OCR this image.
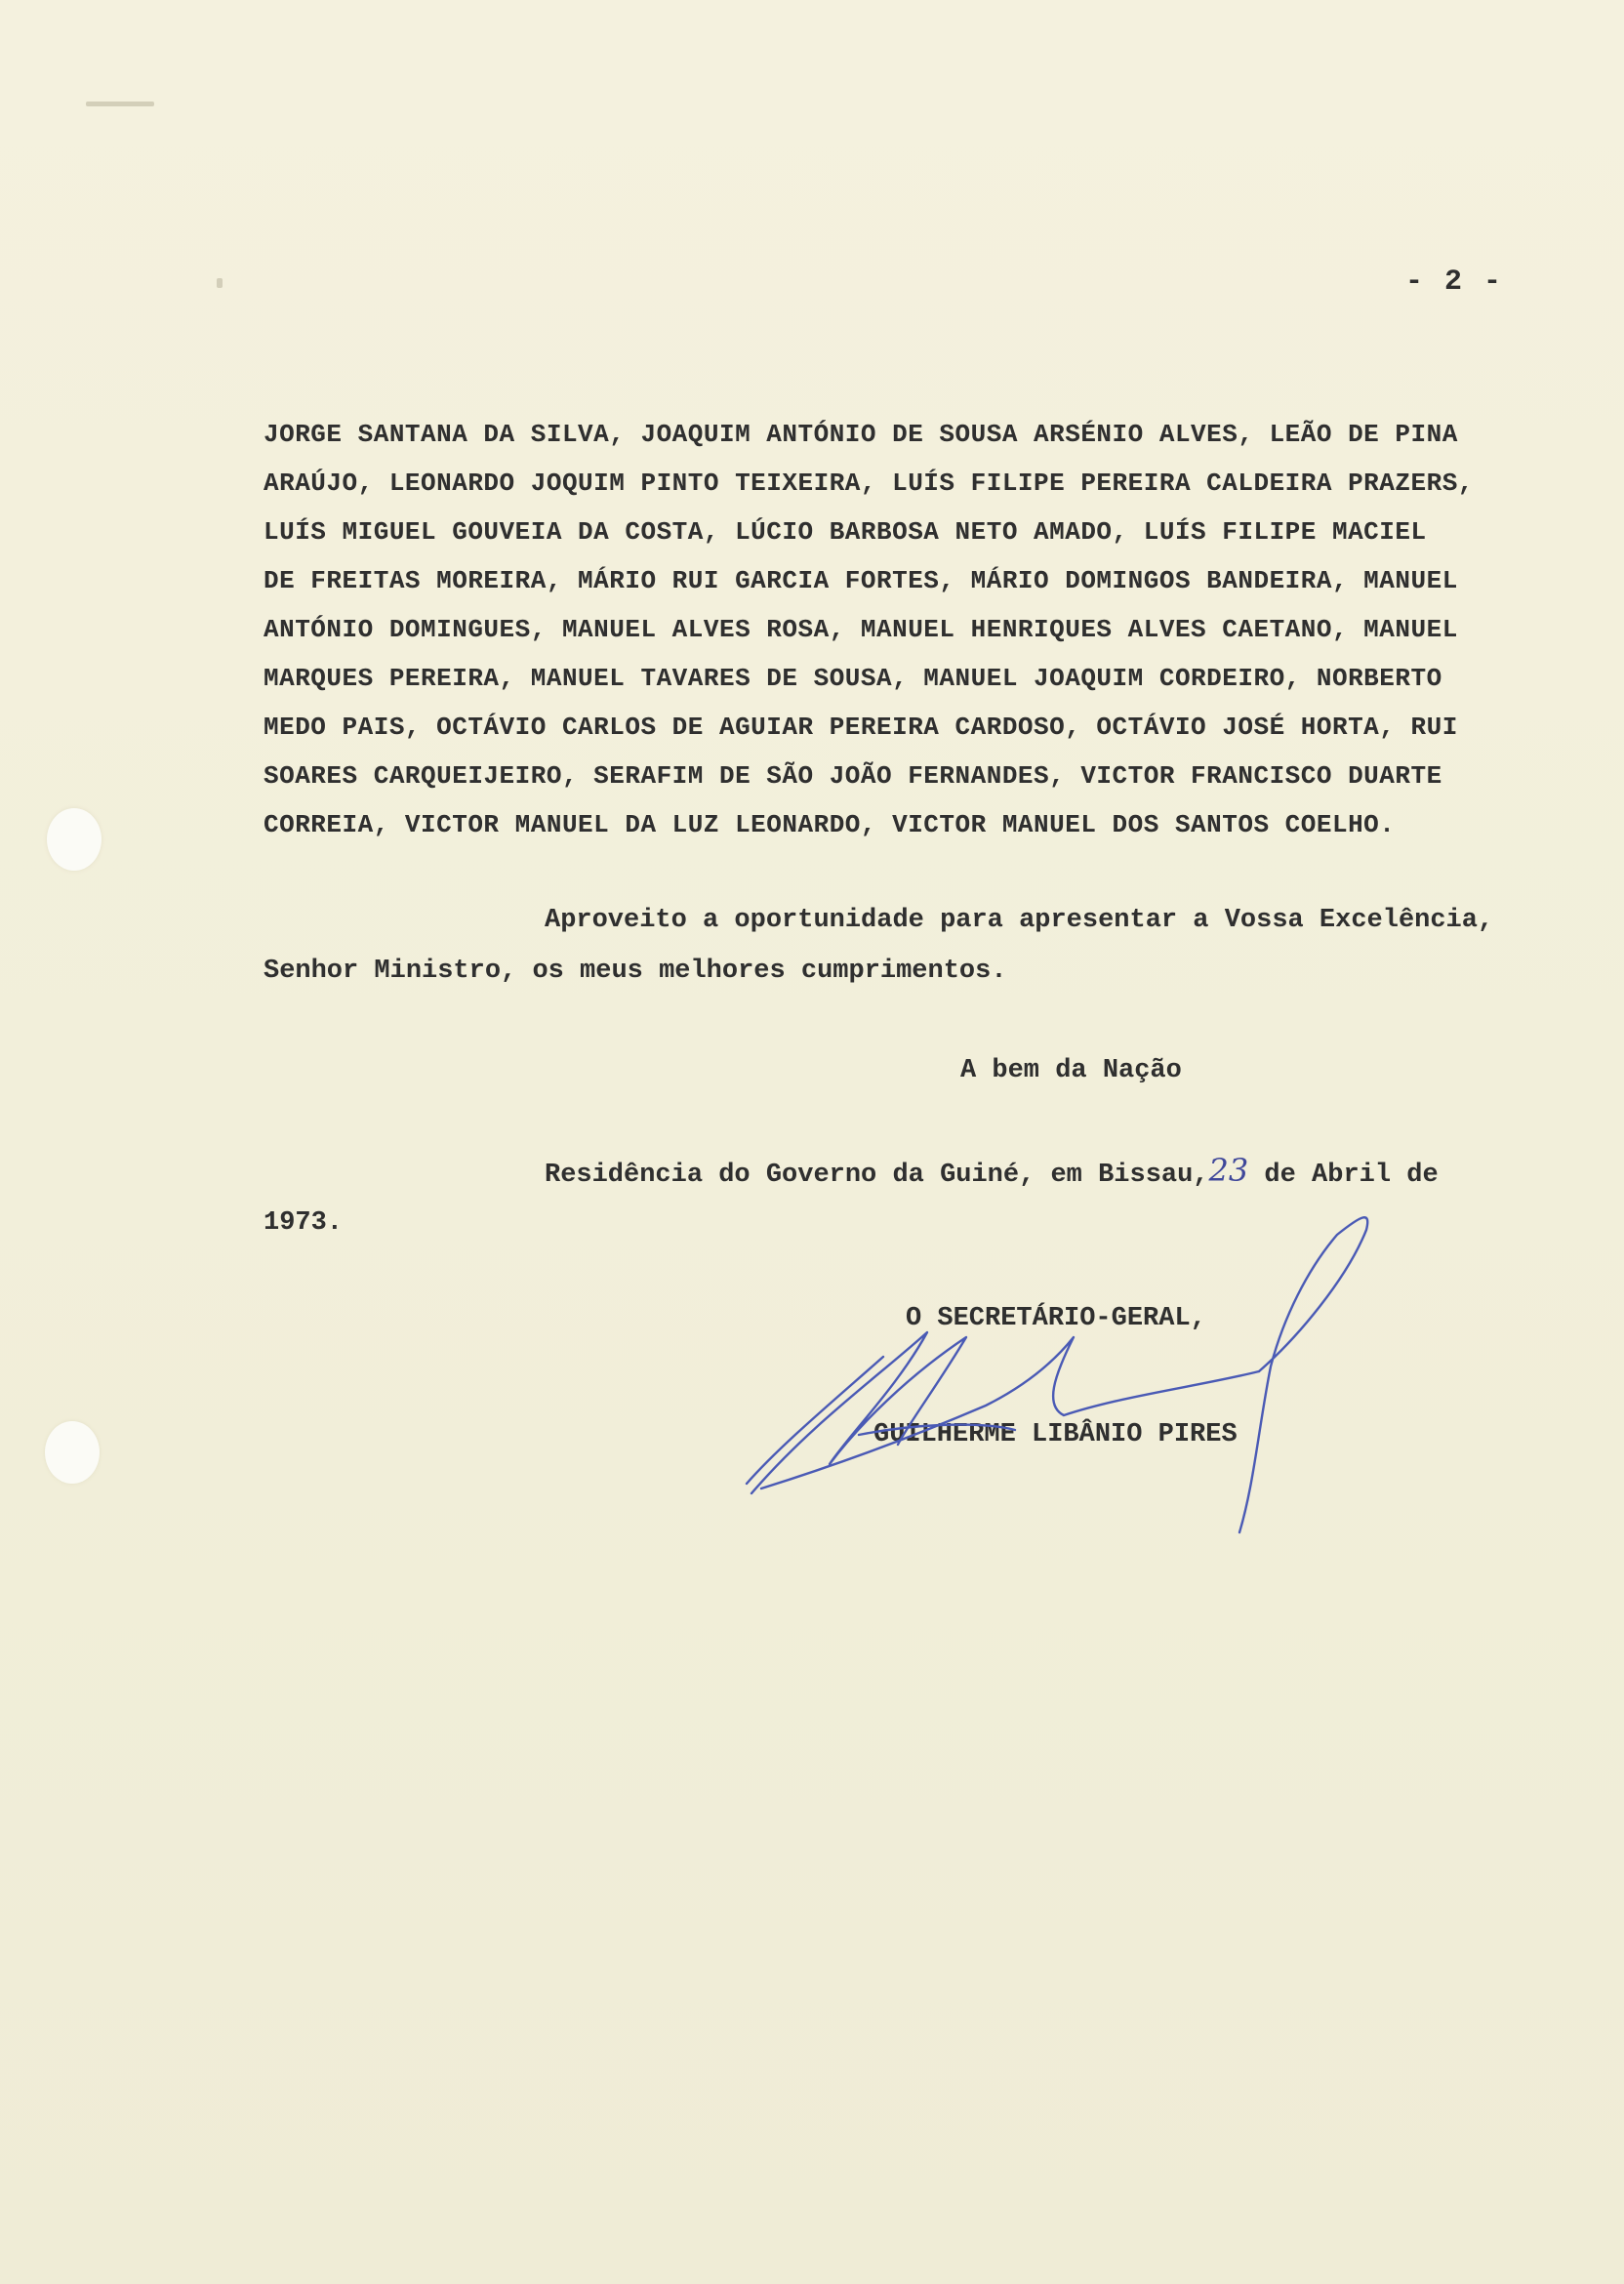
- 2 -
JORGE SANTANA DA SILVA, JOAQUIM ANTÓNIO DE SOUSA ARSÉNIO ALVES, LEÃO DE PINA
ARAÚJO, LEONARDO JOQUIM PINTO TEIXEIRA, LUÍS FILIPE PEREIRA CALDEIRA PRAZERS,
LUÍS MIGUEL GOUVEIA DA COSTA, LÚCIO BARBOSA NETO AMADO, LUÍS FILIPE MACIEL
DE FREITAS MOREIRA, MÁRIO RUI GARCIA FORTES, MÁRIO DOMINGOS BANDEIRA, MANUEL
ANTÓNIO DOMINGUES, MANUEL ALVES ROSA, MANUEL HENRIQUES ALVES CAETANO, MANUEL
MARQUES PEREIRA, MANUEL TAVARES DE SOUSA, MANUEL JOAQUIM CORDEIRO, NORBERTO
MEDO PAIS, OCTÁVIO CARLOS DE AGUIAR PEREIRA CARDOSO, OCTÁVIO JOSÉ HORTA, RUI
SOARES CARQUEIJEIRO, SERAFIM DE SÃO JOÃO FERNANDES, VICTOR FRANCISCO DUARTE
CORREIA, VICTOR MANUEL DA LUZ LEONARDO, VICTOR MANUEL DOS SANTOS COELHO.
Aproveito a oportunidade para apresentar a Vossa Excelência,
Senhor Ministro, os meus melhores cumprimentos.
A bem da Nação
Residência do Governo da Guiné, em Bissau,23 de Abril de
1973.
O SECRETÁRIO-GERAL,
GUILHERME LIBÂNIO PIRES
